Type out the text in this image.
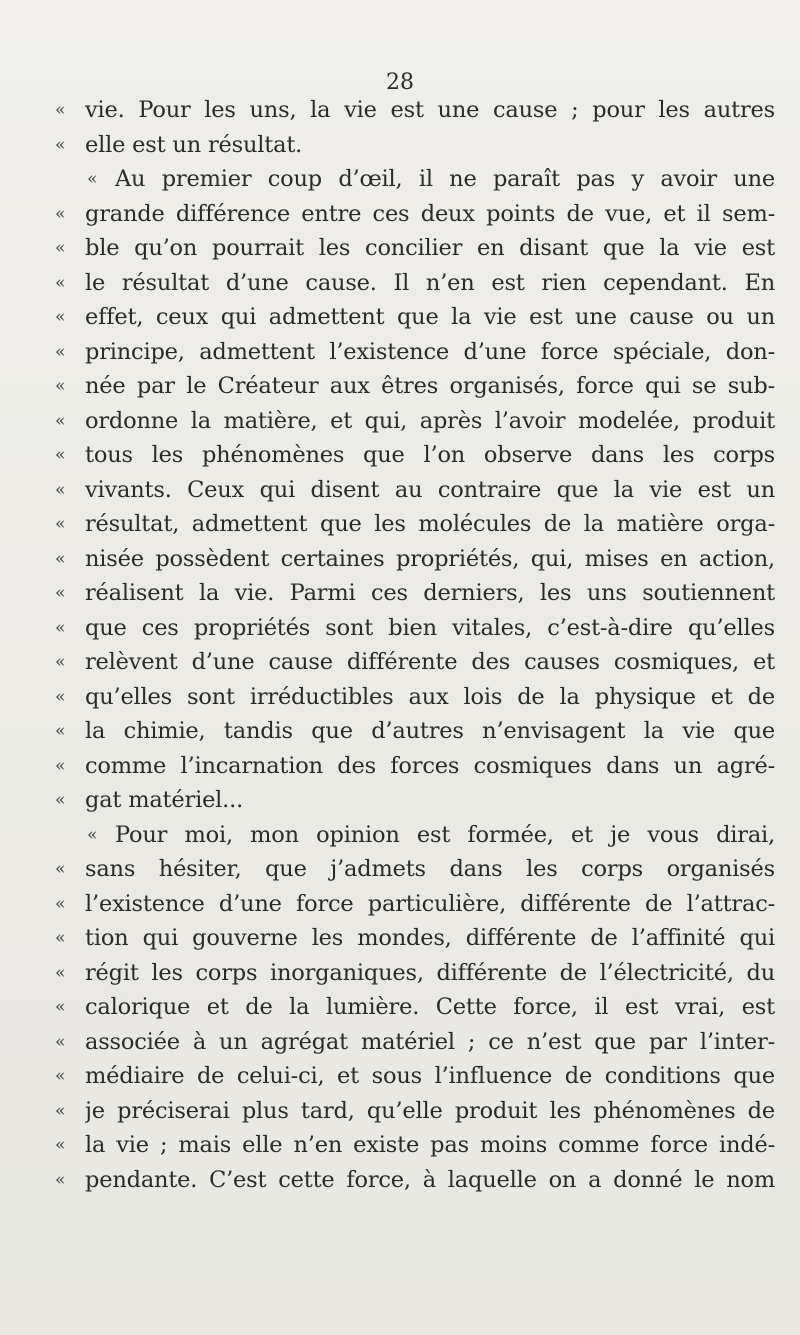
28
« vie. Pour les uns, la vie est une cause ; pour les autres
« elle est un résultat.
« Au premier coup d’œil, il ne paraît pas y avoir une
« grande différence entre ces deux points de vue, et il sem-
« ble qu’on pourrait les concilier en disant que la vie est
« le résultat d’une cause. Il n’en est rien cependant. En
« effet, ceux qui admettent que la vie est une cause ou un
« principe, admettent l’existence d’une force spéciale, don-
« née par le Créateur aux êtres organisés, force qui se sub-
« ordonne la matière, et qui, après l’avoir modelée, produit
« tous les phénomènes que l’on observe dans les corps
« vivants. Ceux qui disent au contraire que la vie est un
« résultat, admettent que les molécules de la matière orga-
« nisée possèdent certaines propriétés, qui, mises en action,
« réalisent la vie. Parmi ces derniers, les uns soutiennent
« que ces propriétés sont bien vitales, c’est-à-dire qu’elles
« relèvent d’une cause différente des causes cosmiques, et
« qu’elles sont irréductibles aux lois de la physique et de
« la chimie, tandis que d’autres n’envisagent la vie que
« comme l’incarnation des forces cosmiques dans un agré-
« gat matériel...
« Pour moi, mon opinion est formée, et je vous dirai,
« sans hésiter, que j’admets dans les corps organisés
« l’existence d’une force particulière, différente de l’attrac-
« tion qui gouverne les mondes, différente de l’affinité qui
« régit les corps inorganiques, différente de l’électricité, du
« calorique et de la lumière. Cette force, il est vrai, est
« associée à un agrégat matériel ; ce n’est que par l’inter-
« médiaire de celui-ci, et sous l’influence de conditions que
« je préciserai plus tard, qu’elle produit les phénomènes de
« la vie ; mais elle n’en existe pas moins comme force indé-
« pendante. C’est cette force, à laquelle on a donné le nom
